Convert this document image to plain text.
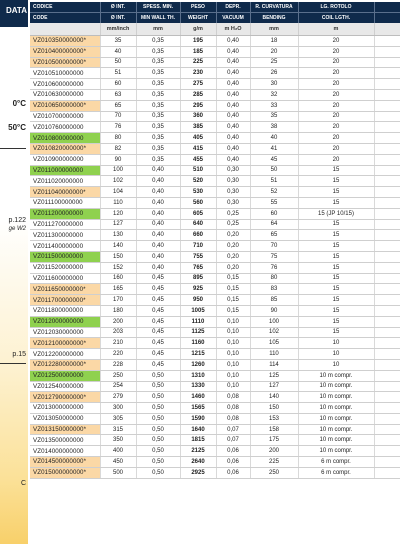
DATA
0°C
50°C
p.122
ge W2
p.15
C
CODICE	Ø INT.	SPESS. MIN.	PESO	DEPR.	R. CURVATURA	LG. ROTOLO	
CODE	Ø INT.	MIN WALL TH.	WEIGHT	VACUUM	BENDING	COIL LGTH.	
	mm/inch	mm	g/m	m H₂O	mm	m	
VZ010350000000*	35	0,35	195	0,40	18	20	
VZ010400000000*	40	0,35	185	0,40	20	20	
VZ010500000000*	50	0,35	225	0,40	25	20	
VZ010510000000	51	0,35	230	0,40	26	20	
VZ010600000000	60	0,35	275	0,40	30	20	
VZ010630000000	63	0,35	285	0,40	32	20	
VZ010650000000*	65	0,35	295	0,40	33	20	
VZ010700000000	70	0,35	360	0,40	35	20	
VZ010760000000	76	0,35	385	0,40	38	20	
VZ010800000000	80	0,35	405	0,40	40	20	
VZ010820000000*	82	0,35	415	0,40	41	20	
VZ010900000000	90	0,35	455	0,40	45	20	
VZ011000000000	100	0,40	510	0,30	50	15	
VZ011020000000	102	0,40	520	0,30	51	15	
VZ011040000000*	104	0,40	530	0,30	52	15	
VZ011100000000	110	0,40	560	0,30	55	15	
VZ011200000000	120	0,40	605	0,25	60	15 (JP 10/15)	
VZ011270000000	127	0,40	640	0,25	64	15	
VZ011300000000	130	0,40	660	0,20	65	15	
VZ011400000000	140	0,40	710	0,20	70	15	
VZ011500000000	150	0,40	755	0,20	75	15	
VZ011520000000	152	0,40	765	0,20	76	15	
VZ011600000000	160	0,45	895	0,15	80	15	
VZ011650000000*	165	0,45	925	0,15	83	15	
VZ011700000000*	170	0,45	950	0,15	85	15	
VZ011800000000	180	0,45	1005	0,15	90	15	
VZ012000000000	200	0,45	1110	0,10	100	15	
VZ012030000000	203	0,45	1125	0,10	102	15	
VZ012100000000*	210	0,45	1160	0,10	105	10	
VZ012200000000	220	0,45	1215	0,10	110	10	
VZ012280000000*	228	0,45	1260	0,10	114	10	
VZ012500000000	250	0,50	1310	0,10	125	10 m compr.	
VZ012540000000	254	0,50	1330	0,10	127	10 m compr.	
VZ012790000000*	279	0,50	1460	0,08	140	10 m compr.	
VZ013000000000	300	0,50	1565	0,08	150	10 m compr.	
VZ013050000000	305	0,50	1590	0,08	153	10 m compr.	
VZ013150000000*	315	0,50	1640	0,07	158	10 m compr.	
VZ013500000000	350	0,50	1815	0,07	175	10 m compr.	
VZ014000000000	400	0,50	2125	0,06	200	10 m compr.	
VZ014500000000*	450	0,50	2640	0,06	225	6 m compr.	
VZ015000000000*	500	0,50	2925	0,06	250	6 m compr.	
